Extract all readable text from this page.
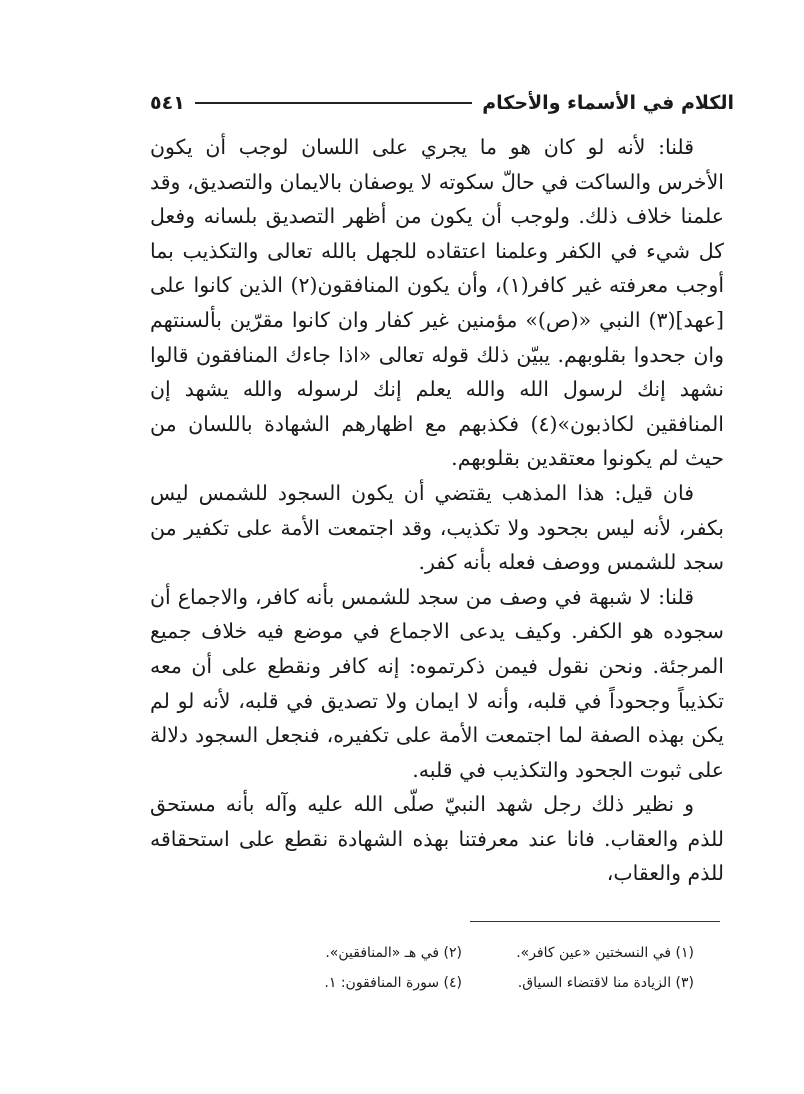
الكلام في الأسماء والأحكام
٥٤١

قلنا: لأنه لو كان هو ما يجري على اللسان لوجب أن يكون الأخرس والساكت في حالّ سكوته لا يوصفان بالايمان والتصديق، وقد علمنا خلاف ذلك. ولوجب أن يكون من أظهر التصديق بلسانه وفعل كل شيء في الكفر وعلمنا اعتقاده للجهل بالله تعالى والتكذيب بما أوجب معرفته غير كافر(١)، وأن يكون المنافقون(٢) الذين كانوا على [عهد](٣) النبي «(ص)» مؤمنين غير كفار وان كانوا مقرّين بألسنتهم وان جحدوا بقلوبهم. يبيّن ذلك قوله تعالى «اذا جاءك المنافقون قالوا نشهد إنك لرسول الله والله يعلم إنك لرسوله والله يشهد إن المنافقين لكاذبون»(٤) فكذبهم مع اظهارهم الشهادة باللسان من حيث لم يكونوا معتقدين بقلوبهم.

فان قيل: هذا المذهب يقتضي أن يكون السجود للشمس ليس بكفر، لأنه ليس بجحود ولا تكذيب، وقد اجتمعت الأمة على تكفير من سجد للشمس ووصف فعله بأنه كفر.

قلنا: لا شبهة في وصف من سجد للشمس بأنه كافر، والاجماع أن سجوده هو الكفر. وكيف يدعى الاجماع في موضع فيه خلاف جميع المرجئة. ونحن نقول فيمن ذكرتموه: إنه كافر ونقطع على أن معه تكذيباً وجحوداً في قلبه، وأنه لا ايمان ولا تصديق في قلبه، لأنه لو لم يكن بهذه الصفة لما اجتمعت الأمة على تكفيره، فنجعل السجود دلالة على ثبوت الجحود والتكذيب في قلبه.

و نظير ذلك رجل شهد النبيّ صلّى الله عليه وآله بأنه مستحق للذم والعقاب. فانا عند معرفتنا بهذه الشهادة نقطع على استحقاقه للذم والعقاب،

(١) في النسختين «عين كافر».
(٢) في هـ «المنافقين».
(٣) الزيادة منا لاقتضاء السياق.
(٤) سورة المنافقون: ١.
